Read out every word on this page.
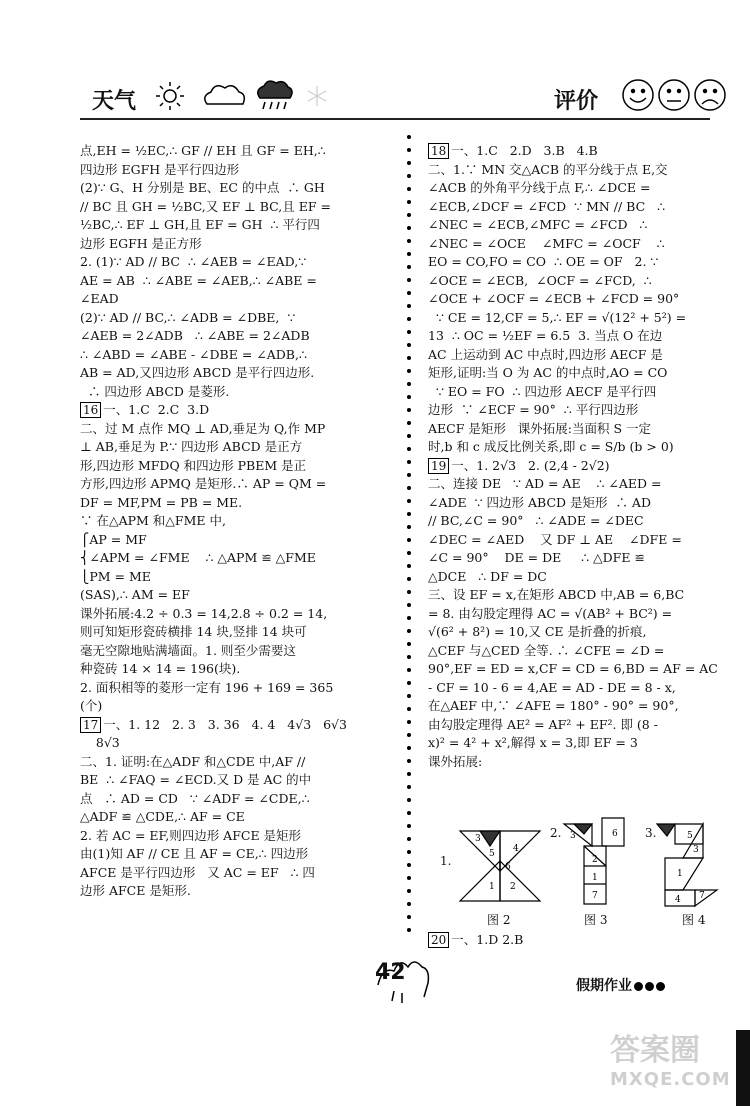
天气	评价

点,EH = ½EC,∴ GF // EH 且 GF = EH,∴

四边形 EGFH 是平行四边形

(2)∵ G、H 分别是 BE、EC 的中点  ∴ GH

// BC 且 GH = ½BC,又 EF ⊥ BC,且 EF =

½BC,∴ EF ⊥ GH,且 EF = GH  ∴ 平行四

边形 EGFH 是正方形

2. (1)∵ AD // BC  ∴ ∠AEB = ∠EAD,∵

AE = AB  ∴ ∠ABE = ∠AEB,∴ ∠ABE =

∠EAD

(2)∵ AD // BC,∴ ∠ADB = ∠DBE,  ∵

∠AEB = 2∠ADB   ∴ ∠ABE = 2∠ADB

∴ ∠ABD = ∠ABE - ∠DBE = ∠ADB,∴

AB = AD,又四边形 ABCD 是平行四边形.

∴ 四边形 ABCD 是菱形.

16 一、1.C  2.C  3.D

二、过 M 点作 MQ ⊥ AD,垂足为 Q,作 MP

⊥ AB,垂足为 P.∵ 四边形 ABCD 是正方

形,四边形 MFDQ 和四边形 PBEM 是正

方形,四边形 APMQ 是矩形.∴ AP = QM =

DF = MF,PM = PB = ME.

∵ 在△APM 和△FME 中,

⎧AP = MF

⎨∠APM = ∠FME    ∴ △APM ≌ △FME

⎩PM = ME

(SAS),∴ AM = EF

课外拓展:4.2 ÷ 0.3 = 14,2.8 ÷ 0.2 = 14,

则可知矩形瓷砖横排 14 块,竖排 14 块可

毫无空隙地贴满墙面。1. 则至少需要这

种瓷砖 14 × 14 = 196(块).

2. 面积相等的菱形一定有 196 + 169 = 365

(个)

17 一、1. 12   2. 3   3. 36   4. 4   4√3   6√3

8√3

二、1. 证明:在△ADF 和△CDE 中,AF //

BE  ∴ ∠FAQ = ∠ECD.又 D 是 AC 的中

点   ∴ AD = CD   ∵ ∠ADF = ∠CDE,∴

△ADF ≌ △CDE,∴ AF = CE

2. 若 AC = EF,则四边形 AFCE 是矩形

由(1)知 AF // CE 且 AF = CE,∴ 四边形

AFCE 是平行四边形   又 AC = EF   ∴ 四

边形 AFCE 是矩形.

18 一、1.C   2.D   3.B   4.B

二、1.∵ MN 交△ACB 的平分线于点 E,交

∠ACB 的外角平分线于点 F,∴ ∠DCE =

∠ECB,∠DCF = ∠FCD  ∵ MN // BC   ∴

∠NEC = ∠ECB,∠MFC = ∠FCD   ∴

∠NEC = ∠OCE    ∠MFC = ∠OCF    ∴

EO = CO,FO = CO  ∴ OE = OF   2. ∵

∠OCE = ∠ECB,  ∠OCF = ∠FCD,  ∴

∠OCE + ∠OCF = ∠ECB + ∠FCD = 90°

∵ CE = 12,CF = 5,∴ EF = √(12² + 5²) =

13  ∴ OC = ½EF = 6.5  3. 当点 O 在边

AC 上运动到 AC 中点时,四边形 AECF 是

矩形,证明:当 O 为 AC 的中点时,AO = CO

∵ EO = FO  ∴ 四边形 AECF 是平行四

边形  ∵ ∠ECF = 90°  ∴ 平行四边形

AECF 是矩形   课外拓展:当面积 S 一定

时,b 和 c 成反比例关系,即 c = S/b (b > 0)

19 一、1. 2√3   2. (2,4 - 2√2)

二、连接 DE   ∵ AD = AE    ∴ ∠AED =

∠ADE  ∵ 四边形 ABCD 是矩形  ∴ AD

// BC,∠C = 90°   ∴ ∠ADE = ∠DEC

∠DEC = ∠AED    又 DF ⊥ AE    ∠DFE =

∠C = 90°    DE = DE     ∴ △DFE ≌

△DCE   ∴ DF = DC

三、设 EF = x,在矩形 ABCD 中,AB = 6,BC

= 8. 由勾股定理得 AC = √(AB² + BC²) =

√(6² + 8²) = 10,又 CE 是折叠的折痕,

△CEF 与△CED 全等. ∴ ∠CFE = ∠D =

90°,EF = ED = x,CF = CD = 6,BD = AF = AC

- CF = 10 - 6 = 4,AE = AD - DE = 8 - x,

在△AEF 中,∵ ∠AFE = 180° - 90° = 90°,

由勾股定理得 AE² = AF² + EF². 即 (8 -

x)² = 4² + x²,解得 x = 3,即 EF = 3

课外拓展:

1.
3
5 4
1 2
6
图 2
2. 3	6
2
1
7
图 3
3.	5
3
1
4 7
图 4
42
假期作业
答案圈
MXQE.COM

20 一、1.D 2.B
